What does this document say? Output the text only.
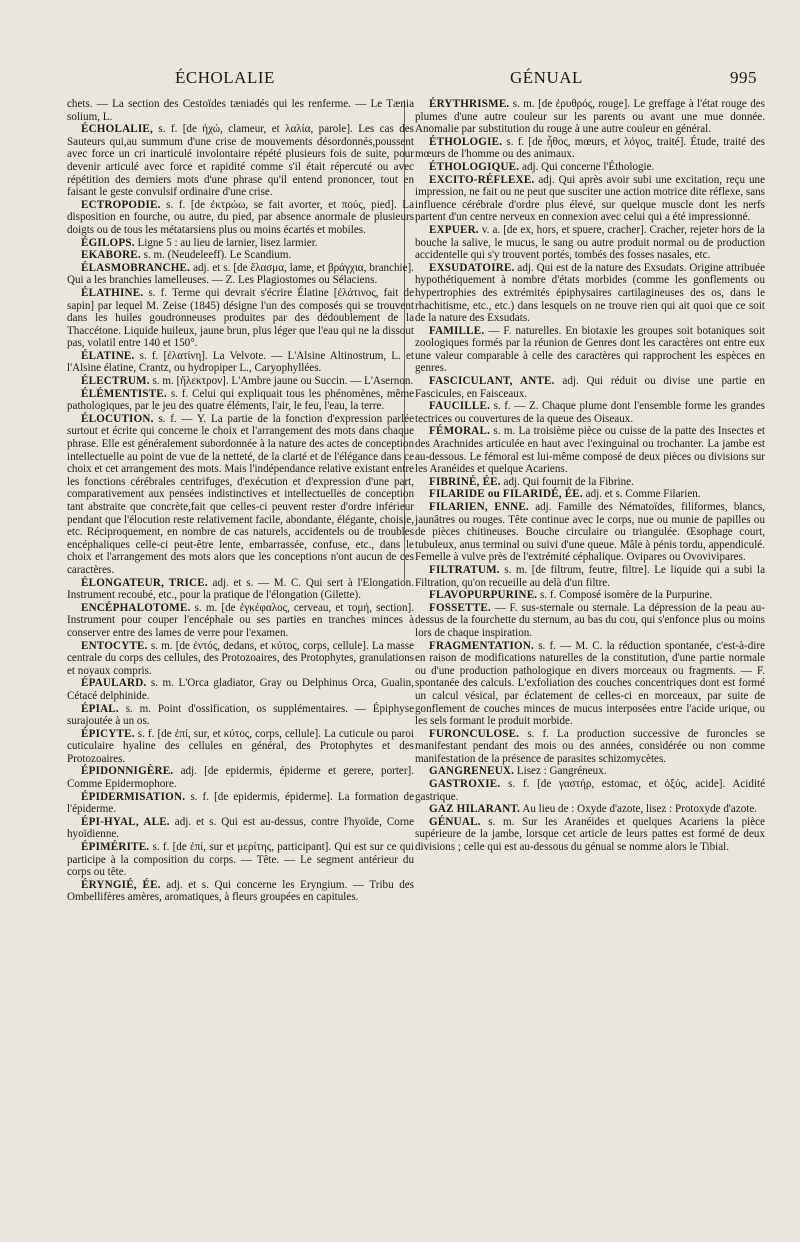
ÉCHOLALIE	GÉNUAL	995

chets. — La section des Cestoïdes tæniadés qui les renferme. — Le Tænia solium, L.

ÉCHOLALIE, s. f. [de ἠχώ, clameur, et λαλία, parole]. Les cas des Sauteurs qui,au summum d'une crise de mouvements désordonnés,poussent avec force un cri inarticulé involontaire répété plusieurs fois de suite, pour devenir articulé avec force et rapidité comme s'il était répercuté ou avec répétition des derniers mots d'une phrase qu'il entend prononcer, tout en faisant le geste convulsif ordinaire d'une crise.

ECTROPODIE. s. f. [de ἐκτρώω, se fait avorter, et πούς, pied]. La disposition en fourche, ou autre, du pied, par absence anormale de plusieurs doigts ou de tous les métatarsiens plus ou moins écartés et mobiles.

ÉGILOPS. Ligne 5 : au lieu de larnier, lisez larmier.

EKABORE. s. m. (Neudeleeff). Le Scandium.

ÉLASMOBRANCHE. adj. et s. [de ἔλασμα, lame, et βράγχια, branchie]. Qui a les branchies lamelleuses. — Z. Les Plagiostomes ou Sélaciens.

ÉLATHINE. s. f. Terme qui devrait s'écrire Élatine [ἐλάτινος, fait de sapin] par lequel M. Zeise (1845) désigne l'un des composés qui se trouvent dans les huiles goudronneuses produites par des dédoublement de la Thaccétone. Liquide huileux, jaune brun, plus léger que l'eau qui ne la dissout pas, volatil entre 140 et 150°.

ÉLATINE. s. f. [ἐλατίνη]. La Velvote. — L'Alsine Altinostrum, L. et l'Alsine élatine, Crantz, ou hydropiper L., Caryophyllées.

ÉLECTRUM. s. m. [ἤλεκτρον]. L'Ambre jaune ou Succin. — L'Asernon.

ÉLÉMENTISTE. s. f. Celui qui expliquait tous les phénomènes, même pathologiques, par le jeu des quatre éléments, l'air, le feu, l'eau, la terre.

ÉLOCUTION. s. f. — Y. La partie de la fonction d'expression parlée surtout et écrite qui concerne le choix et l'arrangement des mots dans chaque phrase. Elle est généralement subordonnée à la nature des actes de conception intellectuelle au point de vue de la netteté, de la clarté et de l'élégance dans ce choix et cet arrangement des mots. Mais l'indépendance relative existant entre les fonctions cérébrales centrifuges, d'exécution et d'expression d'une part, comparativement aux pensées indistinctives et intellectuelles de conception tant abstraite que concrète,fait que celles-ci peuvent rester d'ordre inférieur pendant que l'élocution reste relativement facile, abondante, élégante, choisie, etc. Réciproquement, en nombre de cas naturels, accidentels ou de troubles encéphaliques celle-ci peut-être lente, embarrassée, confuse, etc., dans le choix et l'arrangement des mots alors que les conceptions n'ont aucun de ces caractères.

ÉLONGATEUR, TRICE. adj. et s. — M. C. Qui sert à l'Elongation. Instrument recoubé, etc., pour la pratique de l'élongation (Gilette).

ENCÉPHALOTOME. s. m. [de ἐγκέφαλος, cerveau, et τομή, section]. Instrument pour couper l'encéphale ou ses parties en tranches minces à conserver entre des lames de verre pour l'examen.

ENTOCYTE. s. m. [de ἐντός, dedans, et κύτος, corps, cellule]. La masse centrale du corps des cellules, des Protozoaires, des Protophytes, granulations et noyaux compris.

ÉPAULARD. s. m. L'Orca gladiator, Gray ou Delphinus Orca, Gualin, Cétacé delphinide.

ÉPIAL. s. m. Point d'ossification, os supplémentaires. — Épiphyse surajoutée à un os.

ÉPICYTE. s. f. [de ἐπί, sur, et κύτος, corps, cellule]. La cuticule ou paroi cuticulaire hyaline des cellules en général, des Protophytes et des Protozoaires.

ÉPIDONNIGÈRE. adj. [de epidermis, épiderme et gerere, porter]. Comme Epidermophore.

ÉPIDERMISATION. s. f. [de epidermis, épiderme]. La formation de l'épiderme.

ÉPI-HYAL, ALE. adj. et s. Qui est au-dessus, contre l'hyoïde, Corne hyoïdienne.

ÉPIMÉRITE. s. f. [de ἐπί, sur et μερίτης, participant]. Qui est sur ce qui participe à la composition du corps. — Tête. — Le segment antérieur du corps ou tête.

ÉRYNGIÉ, ÉE. adj. et s. Qui concerne les Eryngium. — Tribu des Ombellifères amères, aromatiques, à fleurs groupées en capitules.

ÉRYTHRISME. s. m. [de ἐρυθρός, rouge]. Le greffage à l'état rouge des plumes d'une autre couleur sur les parents ou avant une mue donnée. Anomalie par substitution du rouge à une autre couleur en général.

ÉTHOLOGIE. s. f. [de ἦθος, mœurs, et λόγος, traité]. Étude, traité des mœurs de l'homme ou des animaux.

ÉTHOLOGIQUE. adj. Qui concerne l'Éthologie.

EXCITO-RÉFLEXE. adj. Qui après avoir subi une excitation, reçu une impression, ne fait ou ne peut que susciter une action motrice dite réflexe, sans influence cérébrale d'ordre plus élevé, sur quelque muscle dont les nerfs partent d'un centre nerveux en connexion avec celui qui a été impressionné.

EXPUER. v. a. [de ex, hors, et spuere, cracher]. Cracher, rejeter hors de la bouche la salive, le mucus, le sang ou autre produit normal ou de production accidentelle qui s'y trouvent portés, tombés des fosses nasales, etc.

EXSUDATOIRE. adj. Qui est de la nature des Exsudats. Origine attribuée hypothétiquement à nombre d'états morbides (comme les gonflements ou hypertrophies des extrémités épiphysaires cartilagineuses des os, dans le rhachitisme, etc., etc.) dans lesquels on ne trouve rien qui ait quoi que ce soit de la nature des Exsudats.

FAMILLE. — F. naturelles. En biotaxie les groupes soit botaniques soit zoologiques formés par la réunion de Genres dont les caractères ont entre eux une valeur comparable à celle des caractères qui rapprochent les espèces en genres.

FASCICULANT, ANTE. adj. Qui réduit ou divise une partie en Fascicules, en Faisceaux.

FAUCILLE. s. f. — Z. Chaque plume dont l'ensemble forme les grandes tectrices ou couvertures de la queue des Oiseaux.

FÉMORAL. s. m. La troisième pièce ou cuisse de la patte des Insectes et des Arachnides articulée en haut avec l'exinguinal ou trochanter. La jambe est au-dessous. Le fémoral est lui-même composé de deux pièces ou divisions sur les Aranéides et quelque Acariens.

FIBRINÉ, ÉE. adj. Qui fournit de la Fibrine.

FILARIDE ou FILARIDÉ, ÉE. adj. et s. Comme Filarien.

FILARIEN, ENNE. adj. Famille des Nématoïdes, filiformes, blancs, jaunâtres ou rouges. Tête continue avec le corps, nue ou munie de papilles ou de pièces chitineuses. Bouche circulaire ou triangulée. Œsophage court, tubuleux, anus terminal ou suivi d'une queue. Mâle à pénis tordu, appendiculé. Femelle à vulve près de l'extrémité céphalique. Ovipares ou Ovovivipares.

FILTRATUM. s. m. [de filtrum, feutre, filtre]. Le liquide qui a subi la Filtration, qu'on recueille au delà d'un filtre.

FLAVOPURPURINE. s. f. Composé isomère de la Purpurine.

FOSSETTE. — F. sus-sternale ou sternale. La dépression de la peau au-dessus de la fourchette du sternum, au bas du cou, qui s'enfonce plus ou moins lors de chaque inspiration.

FRAGMENTATION. s. f. — M. C. la réduction spontanée, c'est-à-dire en raison de modifications naturelles de la constitution, d'une partie normale ou d'une production pathologique en divers morceaux ou fragments. — F. spontanée des calculs. L'exfoliation des couches concentriques dont est formé un calcul vésical, par éclatement de celles-ci en morceaux, par suite de gonflement de couches minces de mucus interposées entre l'acide urique, ou les sels formant le produit morbide.

FURONCULOSE. s. f. La production successive de furoncles se manifestant pendant des mois ou des années, considérée ou non comme manifestation de la présence de parasites schizomycètes.

GANGRENEUX. Lisez : Gangréneux.

GASTROXIE. s. f. [de γαστήρ, estomac, et ὀξύς, acide]. Acidité gastrique.

GAZ HILARANT. Au lieu de : Oxyde d'azote, lisez : Protoxyde d'azote.

GÉNUAL. s. m. Sur les Aranéides et quelques Acariens la pièce supérieure de la jambe, lorsque cet article de leurs pattes est formé de deux divisions ; celle qui est au-dessous du génual se nomme alors le Tibial.
